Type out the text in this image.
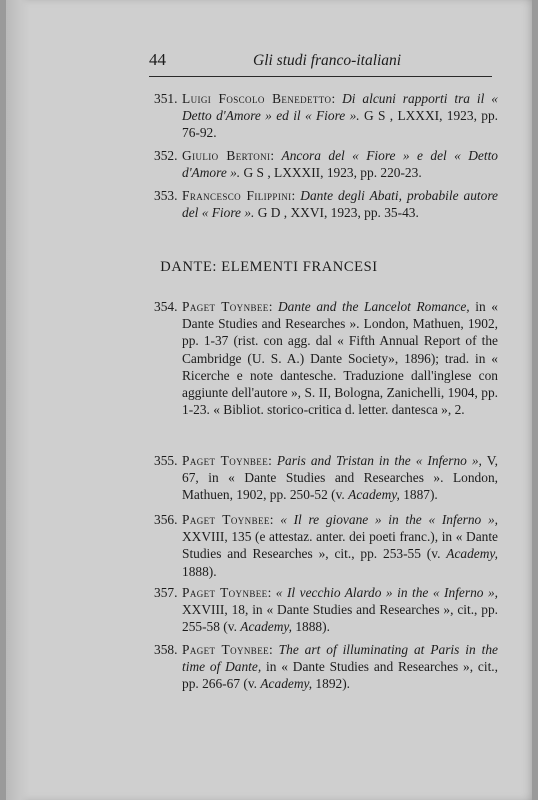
44	Gli studi franco-italiani
351. Luigi Foscolo Benedetto: Di alcuni rapporti tra il « Detto d'Amore » ed il « Fiore ». G S , LXXXI, 1923, pp. 76-92.
352. Giulio Bertoni: Ancora del « Fiore » e del « Detto d'Amore ». G S , LXXXII, 1923, pp. 220-23.
353. Francesco Filippini: Dante degli Abati, probabile autore del « Fiore ». G D , XXVI, 1923, pp. 35-43.
DANTE: ELEMENTI FRANCESI
354. Paget Toynbee: Dante and the Lancelot Romance, in « Dante Studies and Researches ». London, Mathuen, 1902, pp. 1-37 (rist. con agg. dal « Fifth Annual Report of the Cambridge (U. S. A.) Dante Society», 1896); trad. in « Ricerche e note dantesche. Traduzione dall'inglese con aggiunte dell'autore », S. II, Bologna, Zanichelli, 1904, pp. 1-23. « Bibliot. storico-critica d. letter. dantesca », 2.
355. Paget Toynbee: Paris and Tristan in the « Inferno », V, 67, in « Dante Studies and Researches ». London, Mathuen, 1902, pp. 250-52 (v. Academy, 1887).
356. Paget Toynbee: « Il re giovane » in the « Inferno », XXVIII, 135 (e attestaz. anter. dei poeti franc.), in « Dante Studies and Researches », cit., pp. 253-55 (v. Academy, 1888).
357. Paget Toynbee: « Il vecchio Alardo » in the « Inferno », XXVIII, 18, in « Dante Studies and Researches », cit., pp. 255-58 (v. Academy, 1888).
358. Paget Toynbee: The art of illuminating at Paris in the time of Dante, in « Dante Studies and Researches », cit., pp. 266-67 (v. Academy, 1892).
